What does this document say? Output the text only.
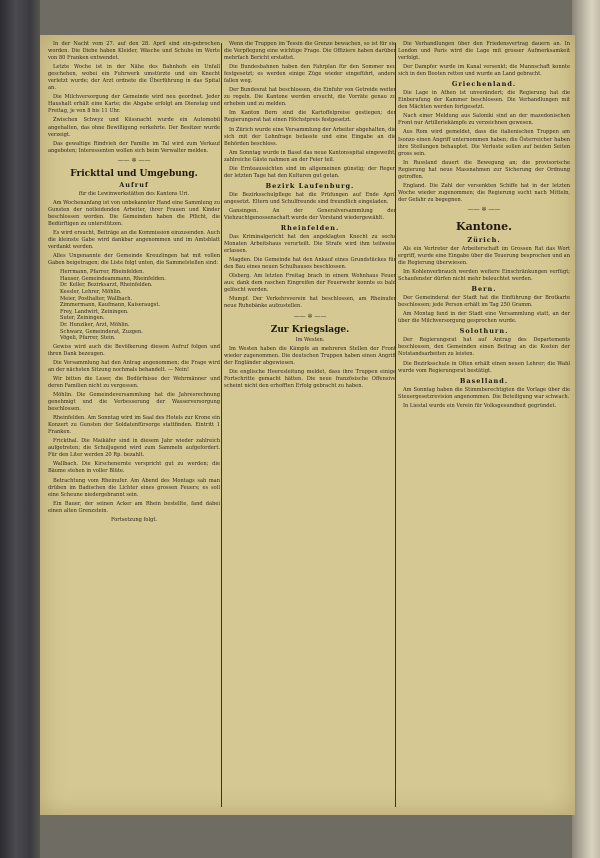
In der Nacht vom 27. auf den 28. April sind ein-gebrochen worden. Die Diebe haben Kleider, Wäsche und Schuhe im Werte von 80 Franken entwendet.

Letzte Woche ist in der Nähe des Bahnhofs ein Unfall geschehen, wobei ein Fuhrwerk umstürzte und ein Knecht verletzt wurde; der Arzt ordnete die Überführung in das Spital an.

Die Milchversorgung der Gemeinde wird neu geordnet. Jeder Haushalt erhält eine Karte; die Abgabe erfolgt am Dienstag und Freitag, je von 8 bis 11 Uhr.

Zwischen Schwyz und Küssnacht wurde ein Automobil angehalten, das ohne Bewilligung verkehrte. Der Besitzer wurde verzeigt.

Das gewaltige Rindvieh der Familie im Tal wird zum Verkauf angeboten; Interessenten wollen sich beim Verwalter melden.

—— ✲ ——
Frickttal und Umgebung.
Aufruf

für die Lewinwerkstätten des Kantons Uri.

Am Wochenanfang ist von unbekannter Hand eine Sammlung zu Gunsten der notleidenden Arbeiter, ihrer Frauen und Kinder beschlossen worden. Die Gemeinden haben die Pflicht, die Bedürftigen zu unterstützen.

Es wird ersucht, Beiträge an die Kommission einzusenden. Auch die kleinste Gabe wird dankbar angenommen und im Amtsblatt verdankt werden.

Alles Ungenannte der Gemeinde Kreuzlingen hat mit vollen Gaben beigetragen; die Liste folgt unten, die Sammelstellen sind:

Herrmann, Pfarrer, Rheinfelden.
Hauser, Gemeindeammann, Rheinfelden.
Dr. Keller, Bezirksarzt, Rheinfelden.
Kessler, Lehrer, Möhlin.
Meier, Posthalter, Wallbach.
Zimmermann, Kaufmann, Kaiseraugst.
Frey, Landwirt, Zeiningen.
Suter, Zeiningen.
Dr. Hunziker, Arzt, Möhlin.
Schwarz, Gemeinderat, Zuzgen.
Vögeli, Pfarrer, Stein.

Gewiss wird auch die Bevölkerung diesem Aufruf folgen und ihren Dank bezeugen.

Die Versammlung hat den Antrag angenommen; die Frage wird an der nächsten Sitzung nochmals behandelt. — Nein!

Wir bitten die Leser, die Bedürfnisse der Wehrmänner und deren Familien nicht zu vergessen.

Möhlin. Die Gemeindeversammlung hat die Jahresrechnung genehmigt und die Verbesserung der Wasserversorgung beschlossen.

Rheinfelden. Am Sonntag wird im Saal des Hotels zur Krone ein Konzert zu Gunsten der Soldatenfürsorge stattfinden. Eintritt 1 Franken.

Frickthal. Die Maikäfer sind in diesem Jahr wieder zahlreich aufgetreten; die Schuljugend wird zum Sammeln aufgefordert. Für den Liter werden 20 Rp. bezahlt.

Wallbach. Die Kirschenernte verspricht gut zu werden; die Bäume stehen in voller Blüte.

Betrachtung vom Rheinufer. Am Abend des Montags sah man drüben im Badischen die Lichter eines grossen Feuers; es soll eine Scheune niedergebrannt sein.

Ein Bauer, der seinen Acker am Rhein bestellte, fand dabei einen alten Grenzstein.

Fortsetzung folgt.

Wenn die Truppen im Tessin die Grenze bewachen, so ist für sie die Verpflegung eine wichtige Frage. Die Offiziere haben darüber mehrfach Bericht erstattet.

Die Bundesbahnen haben den Fahrplan für den Sommer neu festgesetzt; es werden einige Züge wieder eingeführt, andere fallen weg.

Der Bundesrat hat beschlossen, die Einfuhr von Getreide weiter zu regeln. Die Kantone werden ersucht, die Vorräte genau zu erheben und zu melden.

Im Kanton Bern sind die Kartoffelpreise gestiegen; der Regierungsrat hat einen Höchstpreis festgesetzt.

In Zürich wurde eine Versammlung der Arbeiter abgehalten, die sich mit der Lohnfrage befasste und eine Eingabe an die Behörden beschloss.

Am Sonntag wurde in Basel das neue Kantonsspital eingeweiht; zahlreiche Gäste nahmen an der Feier teil.

Die Ernteaussichten sind im allgemeinen günstig; der Regen der letzten Tage hat den Kulturen gut getan.

Bezirk Laufenburg.

Die Bezirksschulpflege hat die Prüfungen auf Ende April angesetzt. Eltern und Schulfreunde sind freundlich eingeladen.

Gansingen. An der Generalversammlung der Viehzuchtgenossenschaft wurde der Vorstand wiedergewählt.

Rheinfelden.

Das Kriminalgericht hat den angeklagten Knecht zu sechs Monaten Arbeitshaus verurteilt. Die Strafe wird ihm teilweise erlassen.

Magden. Die Gemeinde hat den Ankauf eines Grundstückes für den Bau eines neuen Schulhauses beschlossen.

Olsberg. Am letzten Freitag brach in einem Wohnhaus Feuer aus; dank dem raschen Eingreifen der Feuerwehr konnte es bald gelöscht werden.

Mumpf. Der Verkehrsverein hat beschlossen, am Rheinufer neue Ruhebänke aufzustellen.

—— ✲ ——
Zur Kriegslage.

Im Westen.

Im Westen haben die Kämpfe an mehreren Stellen der Front wieder zugenommen. Die deutschen Truppen haben einen Angriff der Engländer abgewiesen.

Die englische Heeresleitung meldet, dass ihre Truppen einige Fortschritte gemacht hätten. Die neue französische Offensive scheint nicht den erhofften Erfolg gebracht zu haben.

Die Verhandlungen über den Friedensvertrag dauern an. In London und Paris wird die Lage mit grosser Aufmerksamkeit verfolgt.

Der Dampfer wurde im Kanal versenkt; die Mannschaft konnte sich in den Booten retten und wurde an Land gebracht.

Griechenland.

Die Lage in Athen ist unverändert; die Regierung hat die Einberufung der Kammer beschlossen. Die Verhandlungen mit den Mächten werden fortgesetzt.

Nach einer Meldung aus Saloniki sind an der mazedonischen Front nur Artilleriekämpfe zu verzeichnen gewesen.

Aus Rom wird gemeldet, dass die italienischen Truppen am Isonzo einen Angriff unternommen haben; die Österreicher haben ihre Stellungen behauptet. Die Verluste sollen auf beiden Seiten gross sein.

In Russland dauert die Bewegung an; die provisorische Regierung hat neue Massnahmen zur Sicherung der Ordnung getroffen.

England. Die Zahl der versenkten Schiffe hat in der letzten Woche wieder zugenommen; die Regierung sucht nach Mitteln, der Gefahr zu begegnen.

—— ✲ ——
Kantone.
Zürich.

Als ein Vertreter der Arbeiterschaft im Grossen Rat das Wort ergriff, wurde eine Eingabe über die Teuerung besprochen und an die Regierung überwiesen.

Im Kohlenverbrauch werden weitere Einschränkungen verfügt; Schaufenster dürfen nicht mehr beleuchtet werden.

Bern.

Der Gemeinderat der Stadt hat die Einführung der Brotkarte beschlossen; jede Person erhält im Tag 250 Gramm.

Am Montag fand in der Stadt eine Versammlung statt, an der über die Milchversorgung gesprochen wurde.

Solothurn.

Der Regierungsrat hat auf Antrag des Departements beschlossen, den Gemeinden einen Beitrag an die Kosten der Notstandsarbeiten zu leisten.

Die Bezirksschule in Olten erhält einen neuen Lehrer; die Wahl wurde vom Regierungsrat bestätigt.

Baselland.

Am Sonntag haben die Stimmberechtigten die Vorlage über die Steuergesetzrevision angenommen. Die Beteiligung war schwach.

In Liestal wurde ein Verein für Volksgesundheit gegründet.
